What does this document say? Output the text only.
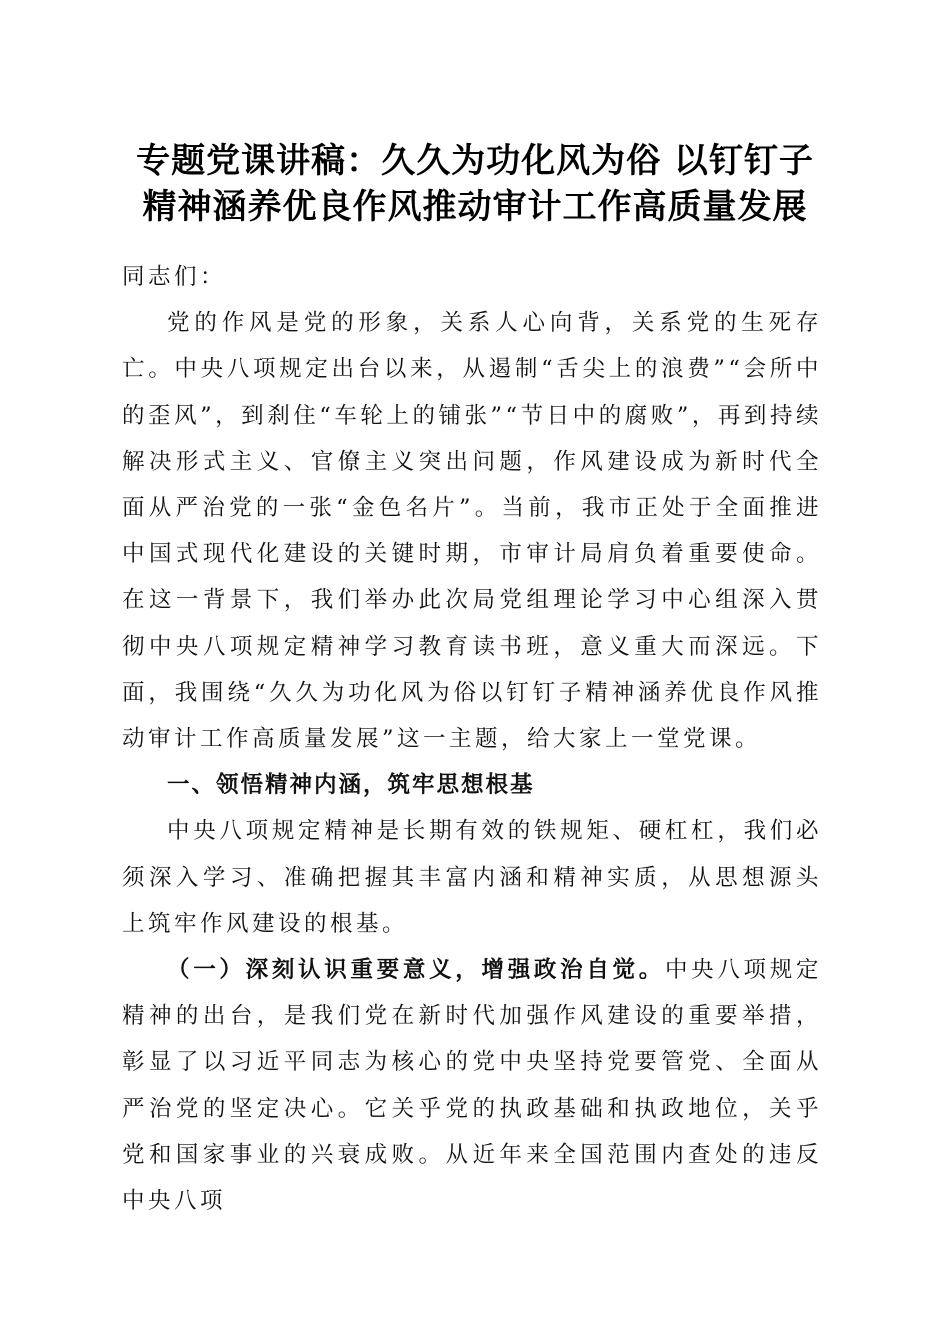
专题党课讲稿：久久为功化风为俗 以钉钉子
精神涵养优良作风推动审计工作高质量发展

同志们：

党的作风是党的形象，关系人心向背，关系党的生死存亡。中央八项规定出台以来，从遏制“舌尖上的浪费”“会所中的歪风”，到刹住“车轮上的铺张”“节日中的腐败”，再到持续解决形式主义、官僚主义突出问题，作风建设成为新时代全面从严治党的一张“金色名片”。当前，我市正处于全面推进中国式现代化建设的关键时期，市审计局肩负着重要使命。在这一背景下，我们举办此次局党组理论学习中心组深入贯彻中央八项规定精神学习教育读书班，意义重大而深远。下面，我围绕“久久为功化风为俗以钉钉子精神涵养优良作风推动审计工作高质量发展”这一主题，给大家上一堂党课。

一、领悟精神内涵，筑牢思想根基

中央八项规定精神是长期有效的铁规矩、硬杠杠，我们必须深入学习、准确把握其丰富内涵和精神实质，从思想源头上筑牢作风建设的根基。

（一）深刻认识重要意义，增强政治自觉。中央八项规定精神的出台，是我们党在新时代加强作风建设的重要举措，彰显了以习近平同志为核心的党中央坚持党要管党、全面从严治党的坚定决心。它关乎党的执政基础和执政地位，关乎党和国家事业的兴衰成败。从近年来全国范围内查处的违反中央八项
